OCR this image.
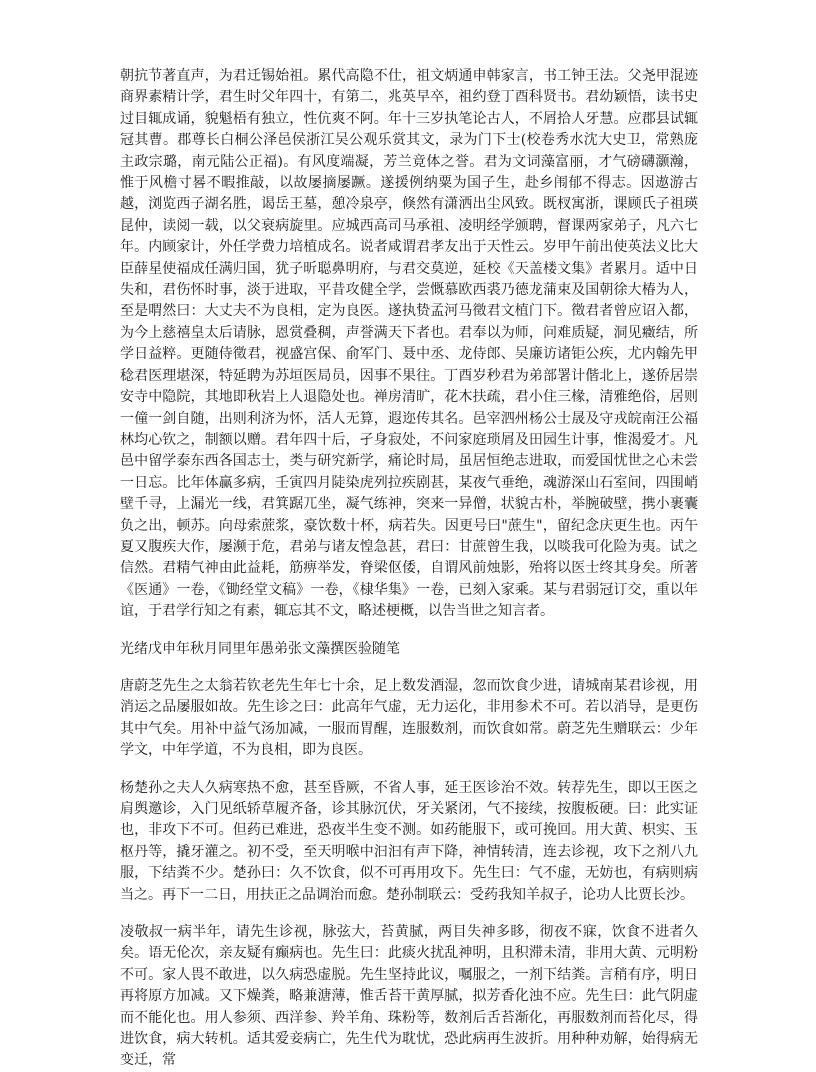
朝抗节著直声，为君迁锡始祖。累代高隐不仕，祖文炳通申韩家言，书工钟王法。父尧甲混迹商界素精计学，君生时父年四十，有第二，兆英早卒，祖约登丁酉科贤书。君幼颖悟，读书史过目辄成诵，貌魁梧有独立，性伉爽不阿。年十三岁执笔论古人，不屑拾人牙慧。应郡县试辄冠其曹。郡尊长白桐公泽邑侯浙江吴公观乐赏其文，录为门下士(校卷秀水沈大史卫，常熟庞主政宗璐，南元陆公正福)。有风度端凝，芳兰竟体之誉。君为文词藻富丽，才气磅礴灏瀚，惟于风檐寸晷不暇推敲，以故屡摘屡蹶。遂援例纳粟为国子生，赴乡闱郁不得志。因遨游古越，浏览西子湖名胜，谒岳王墓，憩冷泉亭，倏然有潇洒出尘风致。既杈寓浙，课顾氏子祖瑛昆仲，读阅一载，以父衰病旋里。应城西高司马承祖、凌明经学颁聘，督课两家弟子，凡六七年。内顾家计，外任学费力培植成名。说者咸谓君孝友出于天性云。岁甲午前出使英法义比大臣薛星使福成任满归国，犹子昕聪鼻明府，与君交莫逆，延校《天盖楼文集》者累月。适中日失和，君伤怀时事，淡于进取，平昔攻健全学，尝慨慕欧西裘乃德龙蒲束及国朝徐大椿为人，至是喟然曰：大丈夫不为良相，定为良医。遂执贽孟河马徵君文植门下。徵君者曾应诏入都，为今上慈禧皇太后请脉，恩赏叠稠，声誉满天下者也。君奉以为师，问难质疑，洞见癥结，所学日益粹。更随侍徵君，视盛宫保、俞军门、聂中丞、龙侍郎、吴廉访诸钜公疾，尤内翰先甲稔君医理堪深，特延聘为苏垣医局员，因事不果往。丁酉岁秒君为弟部署计偕北上，遂侨居崇安寺中隐院，其地即秋岩上人退隐处也。禅房清旷，花木扶疏，君小住三椽，清雅绝俗，居则一僮一剑自随，出则利济为怀，活人无算，遐迩传其名。邑宰泗州杨公士晟及守戎皖南汪公福林均心钦之，制额以赠。君年四十后，孑身寂处，不问家庭琐屑及田园生计事，惟渴爱才。凡邑中留学泰东西各国志士，类与研究新学，痛论时局，虽居恒绝志进取，而爱国忧世之心未尝一日忘。比年体赢多病，壬寅四月陡染虎列拉疾剧甚，某夜气垂绝，魂游深山石室间，四围峭壁千寻，上漏光一线，君箕踞兀坐，凝气练神，突来一异僧，状貌古朴，举腕破壁，携小裹囊负之出，顿苏。向母索蔗浆，豪饮数十杯，病若失。因更号曰"蔗生"，留纪念庆更生也。丙午夏又腹疾大作，屡濒于危，君弟与诸友惶急甚，君曰：甘蔗曾生我，以啖我可化险为夷。试之信然。君精气神由此益耗，筋痹举发，脊梁伛倭，自谓风前烛影，殆将以医士终其身矣。所著《医通》一卷，《锄经堂文稿》一卷，《棣华集》一卷，已刻入家乘。某与君弱冠订交，重以年谊，于君学行知之有素，辄忘其不文，略述梗概，以告当世之知言者。

光绪戊申年秋月同里年愚弟张文藻撰医验随笔

唐蔚芝先生之太翁若钦老先生年七十余，足上数发酒湿，忽而饮食少进，请城南某君诊视，用消运之品屡服如故。先生诊之曰：此高年气虚，无力运化，非用参术不可。若以消导，是更伤其中气矣。用补中益气汤加减，一服而胃醒，连服数剂，而饮食如常。蔚芝先生赠联云：少年学文，中年学道，不为良相，即为良医。

杨楚孙之夫人久病寒热不愈，甚至昏厥，不省人事，延王医诊治不效。转荐先生，即以王医之肩舆邀诊，入门见纸轿草履齐备，诊其脉沉伏，牙关紧闭，气不接续，按腹板硬。曰：此实证也，非攻下不可。但药已难进，恐夜半生变不测。如药能服下，或可挽回。用大黄、枳实、玉枢丹等，撬牙灌之。初不受，至天明喉中汩汩有声下降，神情转清，连去诊视，攻下之剂八九服，下结粪不少。楚孙曰：久不饮食，似不可再用攻下。先生曰：气不虚，无妨也，有病则病当之。再下一二日，用扶正之品调治而愈。楚孙制联云：受药我知羊叔子，论功人比贾长沙。

凌敬叔一病半年，请先生诊视，脉弦大，苔黄腻，两目失神多眵，彻夜不寐，饮食不进者久矣。语无伦次，亲友疑有癫病也。先生曰：此痰火扰乱神明，且积滞未清，非用大黄、元明粉不可。家人畏不敢进，以久病恐虚脱。先生坚持此议，嘱服之，一剂下结粪。言稍有序，明日再将原方加减。又下燥粪，略兼溏薄，惟舌苔干黄厚腻，拟芳香化浊不应。先生曰：此气阴虚而不能化也。用人参须、西洋参、羚羊角、珠粉等，数剂后舌苔渐化，再服数剂而苔化尽，得进饮食，病大转机。适其爱妾病亡，先生代为耽忧，恐此病再生波折。用种种劝解，始得病无变迁，常
